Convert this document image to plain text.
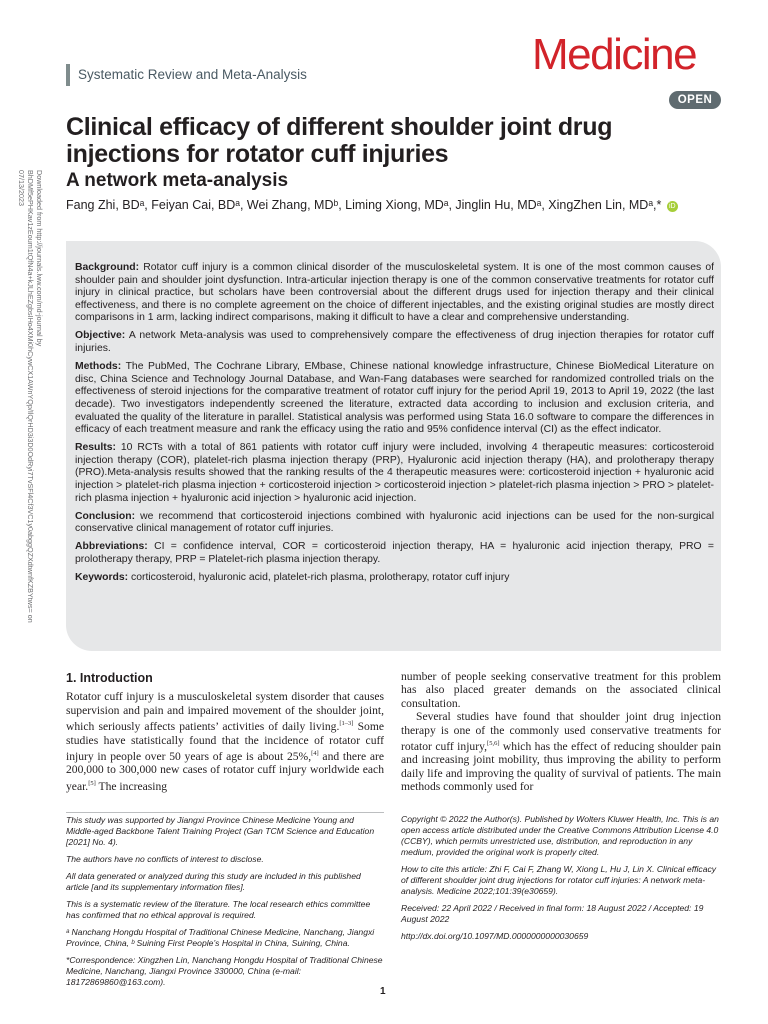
Downloaded from http://journals.lww.com/md-journal by BhDMf5ePHKav1zEoum1tQfN4a+kJLhEZgbsIHo4XMi0hCywCX1AWnYQp/IlQrHD3i3D0OdRyi7TvSFl4Cf3VC1y0abggQZXdtwnfKZBYtws= on 07/13/2023
Systematic Review and Meta-Analysis	Medicine
OPEN
Clinical efficacy of different shoulder joint drug injections for rotator cuff injuries
A network meta-analysis
Fang Zhi, BDᵃ, Feiyan Cai, BDᵃ, Wei Zhang, MDᵇ, Liming Xiong, MDᵃ, Jinglin Hu, MDᵃ, XingZhen Lin, MDᵃ,* iD

Background: Rotator cuff injury is a common clinical disorder of the musculoskeletal system. It is one of the most common causes of shoulder pain and shoulder joint dysfunction. Intra-articular injection therapy is one of the common conservative treatments for rotator cuff injury in clinical practice, but scholars have been controversial about the different drugs used for injection therapy and their clinical effectiveness, and there is no complete agreement on the choice of different injectables, and the existing original studies are mostly direct comparisons in 1 arm, lacking indirect comparisons, making it difficult to have a clear and comprehensive understanding.

Objective: A network Meta-analysis was used to comprehensively compare the effectiveness of drug injection therapies for rotator cuff injuries.

Methods: The PubMed, The Cochrane Library, EMbase, Chinese national knowledge infrastructure, Chinese BioMedical Literature on disc, China Science and Technology Journal Database, and Wan-Fang databases were searched for randomized controlled trials on the effectiveness of steroid injections for the comparative treatment of rotator cuff injury for the period April 19, 2013 to April 19, 2022 (the last decade). Two investigators independently screened the literature, extracted data according to inclusion and exclusion criteria, and evaluated the quality of the literature in parallel. Statistical analysis was performed using Stata 16.0 software to compare the differences in efficacy of each treatment measure and rank the efficacy using the ratio and 95% confidence interval (CI) as the effect indicator.

Results: 10 RCTs with a total of 861 patients with rotator cuff injury were included, involving 4 therapeutic measures: corticosteroid injection therapy (COR), platelet-rich plasma injection therapy (PRP), Hyaluronic acid injection therapy (HA), and prolotherapy therapy (PRO).Meta-analysis results showed that the ranking results of the 4 therapeutic measures were: corticosteroid injection + hyaluronic acid injection > platelet-rich plasma injection + corticosteroid injection > corticosteroid injection > platelet-rich plasma injection > PRO > platelet-rich plasma injection + hyaluronic acid injection > hyaluronic acid injection.

Conclusion: we recommend that corticosteroid injections combined with hyaluronic acid injections can be used for the non-surgical conservative clinical management of rotator cuff injuries.

Abbreviations: CI = confidence interval, COR = corticosteroid injection therapy, HA = hyaluronic acid injection therapy, PRO = prolotherapy therapy, PRP = Platelet-rich plasma injection therapy.

Keywords: corticosteroid, hyaluronic acid, platelet-rich plasma, prolotherapy, rotator cuff injury

1. Introduction

Rotator cuff injury is a musculoskeletal system disorder that causes supervision and pain and impaired movement of the shoulder joint, which seriously affects patients’ activities of daily living.[1–3] Some studies have statistically found that the incidence of rotator cuff injury in people over 50 years of age is about 25%,[4] and there are 200,000 to 300,000 new cases of rotator cuff injury worldwide each year.[5] The increasing

number of people seeking conservative treatment for this problem has also placed greater demands on the associated clinical consultation.

Several studies have found that shoulder joint drug injection therapy is one of the commonly used conservative treatments for rotator cuff injury,[5,6] which has the effect of reducing shoulder pain and increasing joint mobility, thus improving the ability to perform daily life and improving the quality of survival of patients. The main methods commonly used for

This study was supported by Jiangxi Province Chinese Medicine Young and Middle-aged Backbone Talent Training Project (Gan TCM Science and Education [2021] No. 4).

The authors have no conflicts of interest to disclose.

All data generated or analyzed during this study are included in this published article [and its supplementary information files].

This is a systematic review of the literature. The local research ethics committee has confirmed that no ethical approval is required.

ᵃ Nanchang Hongdu Hospital of Traditional Chinese Medicine, Nanchang, Jiangxi Province, China, ᵇ Suining First People’s Hospital in China, Suining, China.

*Correspondence: Xingzhen Lin, Nanchang Hongdu Hospital of Traditional Chinese Medicine, Nanchang, Jiangxi Province 330000, China (e-mail: 18172869860@163.com).

Copyright © 2022 the Author(s). Published by Wolters Kluwer Health, Inc. This is an open access article distributed under the Creative Commons Attribution License 4.0 (CCBY), which permits unrestricted use, distribution, and reproduction in any medium, provided the original work is properly cited.

How to cite this article: Zhi F, Cai F, Zhang W, Xiong L, Hu J, Lin X. Clinical efficacy of different shoulder joint drug injections for rotator cuff injuries: A network meta-analysis. Medicine 2022;101:39(e30659).

Received: 22 April 2022 / Received in final form: 18 August 2022 / Accepted: 19 August 2022

http://dx.doi.org/10.1097/MD.0000000000030659

1
